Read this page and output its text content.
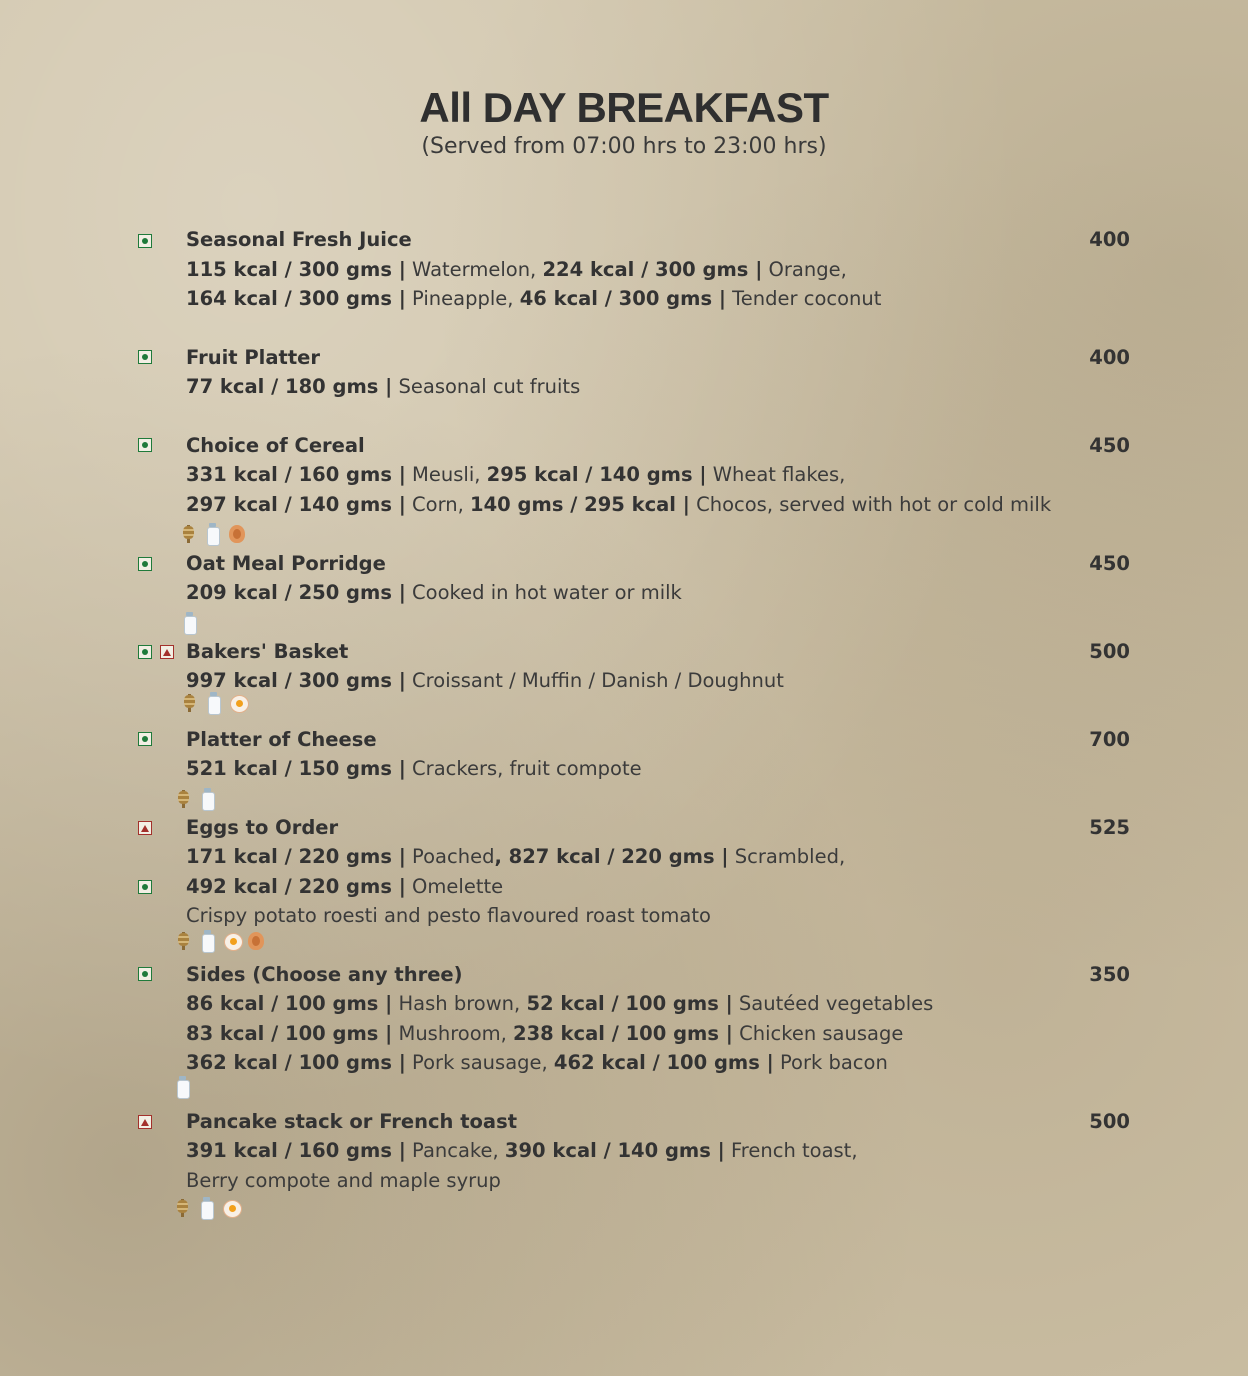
All DAY BREAKFAST
(Served from 07:00 hrs to 23:00 hrs)
Seasonal Fresh Juice	400
115 kcal / 300 gms | Watermelon, 224 kcal / 300 gms | Orange,
164 kcal / 300 gms | Pineapple, 46 kcal / 300 gms | Tender coconut
Fruit Platter	400
77 kcal / 180 gms | Seasonal cut fruits
Choice of Cereal	450
331 kcal / 160 gms | Meusli, 295 kcal / 140 gms | Wheat flakes,
297 kcal / 140 gms | Corn, 140 gms / 295 kcal | Chocos, served with hot or cold milk
Oat Meal Porridge	450
209 kcal / 250 gms | Cooked in hot water or milk
Bakers' Basket	500
997 kcal / 300 gms | Croissant / Muffin / Danish / Doughnut
Platter of Cheese	700
521 kcal / 150 gms | Crackers, fruit compote
Eggs to Order	525
171 kcal / 220 gms | Poached, 827 kcal / 220 gms | Scrambled,
492 kcal / 220 gms | Omelette
Crispy potato roesti and pesto flavoured roast tomato
Sides (Choose any three)	350
86 kcal / 100 gms | Hash brown, 52 kcal / 100 gms | Sautéed vegetables
83 kcal / 100 gms | Mushroom, 238 kcal / 100 gms | Chicken sausage
362 kcal / 100 gms | Pork sausage, 462 kcal / 100 gms | Pork bacon
Pancake stack or French toast	500
391 kcal / 160 gms | Pancake, 390 kcal / 140 gms | French toast,
Berry compote and maple syrup
